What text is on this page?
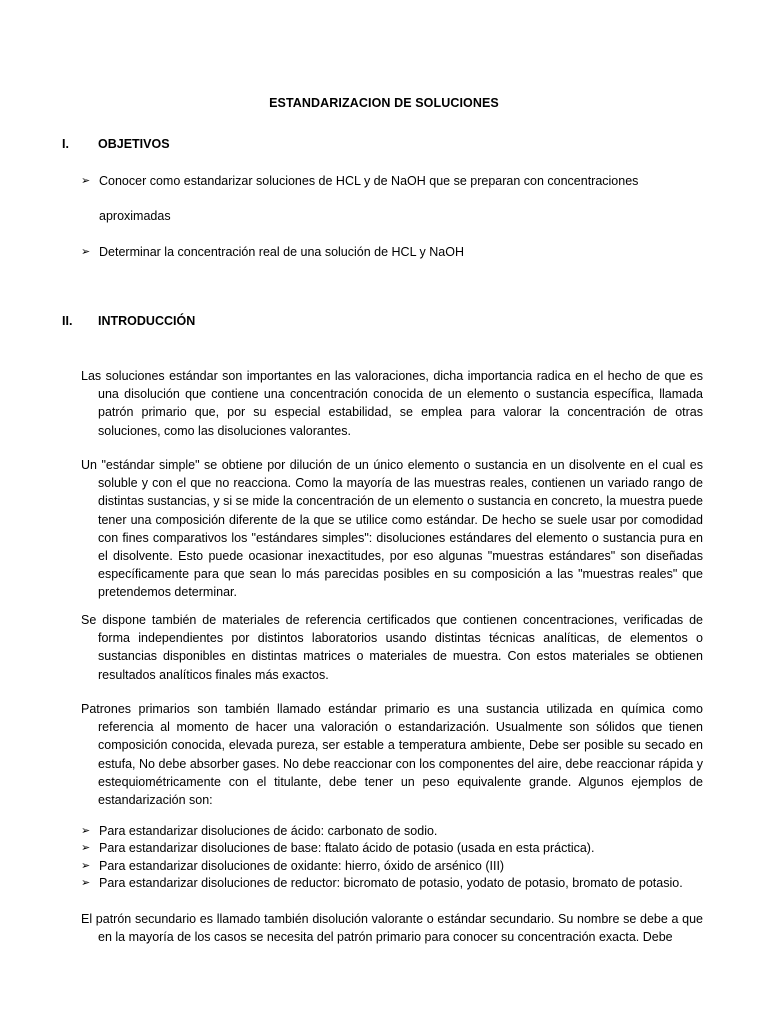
ESTANDARIZACION DE SOLUCIONES
I. OBJETIVOS
➢ Conocer como estandarizar soluciones de HCL y de NaOH que se preparan con concentraciones
aproximadas
➢ Determinar la concentración real de una solución de HCL y NaOH
II. INTRODUCCIÓN
Las soluciones estándar son importantes en las valoraciones, dicha importancia radica en el hecho de que es una disolución que contiene una concentración conocida de un elemento o sustancia específica, llamada patrón primario que, por su especial estabilidad, se emplea para valorar la concentración de otras soluciones, como las disoluciones valorantes.
Un "estándar simple" se obtiene por dilución de un único elemento o sustancia en un disolvente en el cual es soluble y con el que no reacciona. Como la mayoría de las muestras reales, contienen un variado rango de distintas sustancias, y si se mide la concentración de un elemento o sustancia en concreto, la muestra puede tener una composición diferente de la que se utilice como estándar. De hecho se suele usar por comodidad con fines comparativos los "estándares simples": disoluciones estándares del elemento o sustancia pura en el disolvente. Esto puede ocasionar inexactitudes, por eso algunas "muestras estándares" son diseñadas específicamente para que sean lo más parecidas posibles en su composición a las "muestras reales" que pretendemos determinar.
Se dispone también de materiales de referencia certificados que contienen concentraciones, verificadas de forma independientes por distintos laboratorios usando distintas técnicas analíticas, de elementos o sustancias disponibles en distintas matrices o materiales de muestra. Con estos materiales se obtienen resultados analíticos finales más exactos.
Patrones primarios son también llamado estándar primario es una sustancia utilizada en química como referencia al momento de hacer una valoración o estandarización. Usualmente son sólidos que tienen composición conocida, elevada pureza, ser estable a temperatura ambiente, Debe ser posible su secado en estufa, No debe absorber gases. No debe reaccionar con los componentes del aire, debe reaccionar rápida y estequiométricamente con el titulante, debe tener un peso equivalente grande. Algunos ejemplos de estandarización son:
➢ Para estandarizar disoluciones de ácido: carbonato de sodio.
➢ Para estandarizar disoluciones de base: ftalato ácido de potasio (usada en esta práctica).
➢ Para estandarizar disoluciones de oxidante: hierro, óxido de arsénico (III)
➢ Para estandarizar disoluciones de reductor: bicromato de potasio, yodato de potasio, bromato de potasio.
El patrón secundario es llamado también disolución valorante o estándar secundario. Su nombre se debe a que en la mayoría de los casos se necesita del patrón primario para conocer su concentración exacta. Debe
